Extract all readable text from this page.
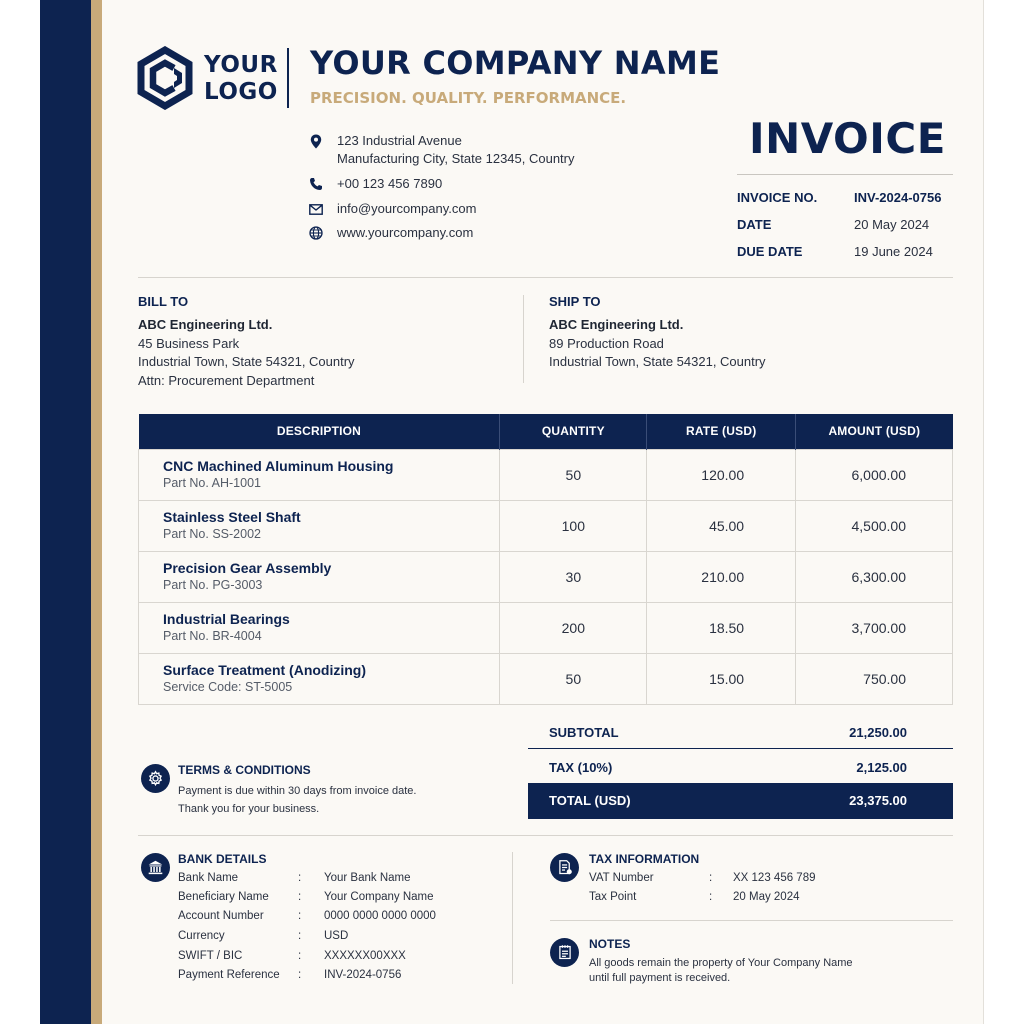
YOUR
LOGO
YOUR COMPANY NAME
PRECISION. QUALITY. PERFORMANCE.
123 Industrial Avenue
Manufacturing City, State 12345, Country
+00 123 456 7890
info@yourcompany.com
www.yourcompany.com
INVOICE
INVOICE NO.	INV-2024-0756
DATE	20 May 2024
DUE DATE	19 June 2024
BILL TO
ABC Engineering Ltd.
45 Business Park
Industrial Town, State 54321, Country
Attn: Procurement Department
SHIP TO
ABC Engineering Ltd.
89 Production Road
Industrial Town, State 54321, Country
DESCRIPTION	QUANTITY	RATE (USD)	AMOUNT (USD)

CNC Machined Aluminum Housing
Part No. AH-1001	50	120.00	6,000.00

Stainless Steel Shaft
Part No. SS-2002	100	45.00	4,500.00

Precision Gear Assembly
Part No. PG-3003	30	210.00	6,300.00

Industrial Bearings
Part No. BR-4004	200	18.50	3,700.00

Surface Treatment (Anodizing)
Service Code: ST-5005	50	15.00	750.00
SUBTOTAL	21,250.00
TAX (10%)	2,125.00
TOTAL (USD)	23,375.00
TERMS & CONDITIONS
Payment is due within 30 days from invoice date.
Thank you for your business.
BANK DETAILS
Bank Name	: Your Bank Name
Beneficiary Name	: Your Company Name
Account Number	: 0000 0000 0000 0000
Currency	: USD
SWIFT / BIC	: XXXXXX00XXX
Payment Reference : INV-2024-0756
TAX INFORMATION
VAT Number	: XX 123 456 789
Tax Point	: 20 May 2024
NOTES
All goods remain the property of Your Company Name
until full payment is received.
